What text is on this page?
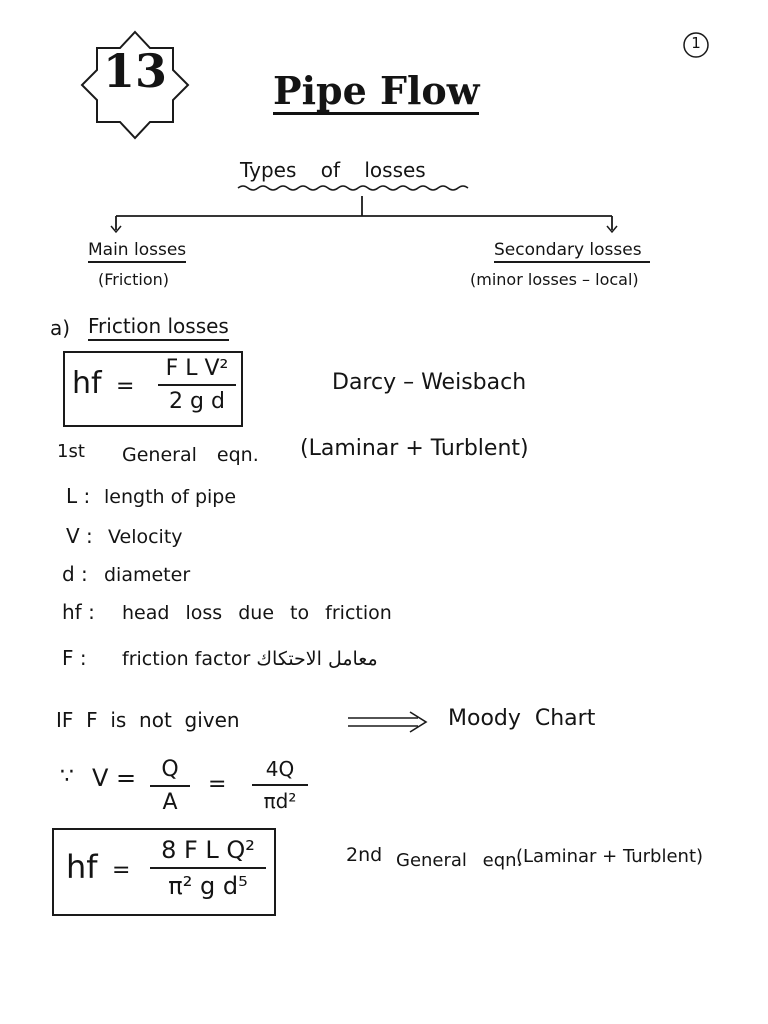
13
1
Pipe Flow
Types of losses
Main losses
(Friction)
Secondary losses
(minor losses – local)
a) Friction losses
hf =
F L V²
2 g d
Darcy – Weisbach
1st General eqn. (Laminar + Turblent)
L : length of pipe
V : Velocity
d : diameter
hf : head loss due to friction
F : friction factor معامل الاحتكاك
IF  F  is  not  given	Moody  Chart
∵ V =	Q
A
=
4Q
πd²
hf =
8 F L Q²
π² g d⁵
2nd General eqn.
(Laminar + Turblent)
